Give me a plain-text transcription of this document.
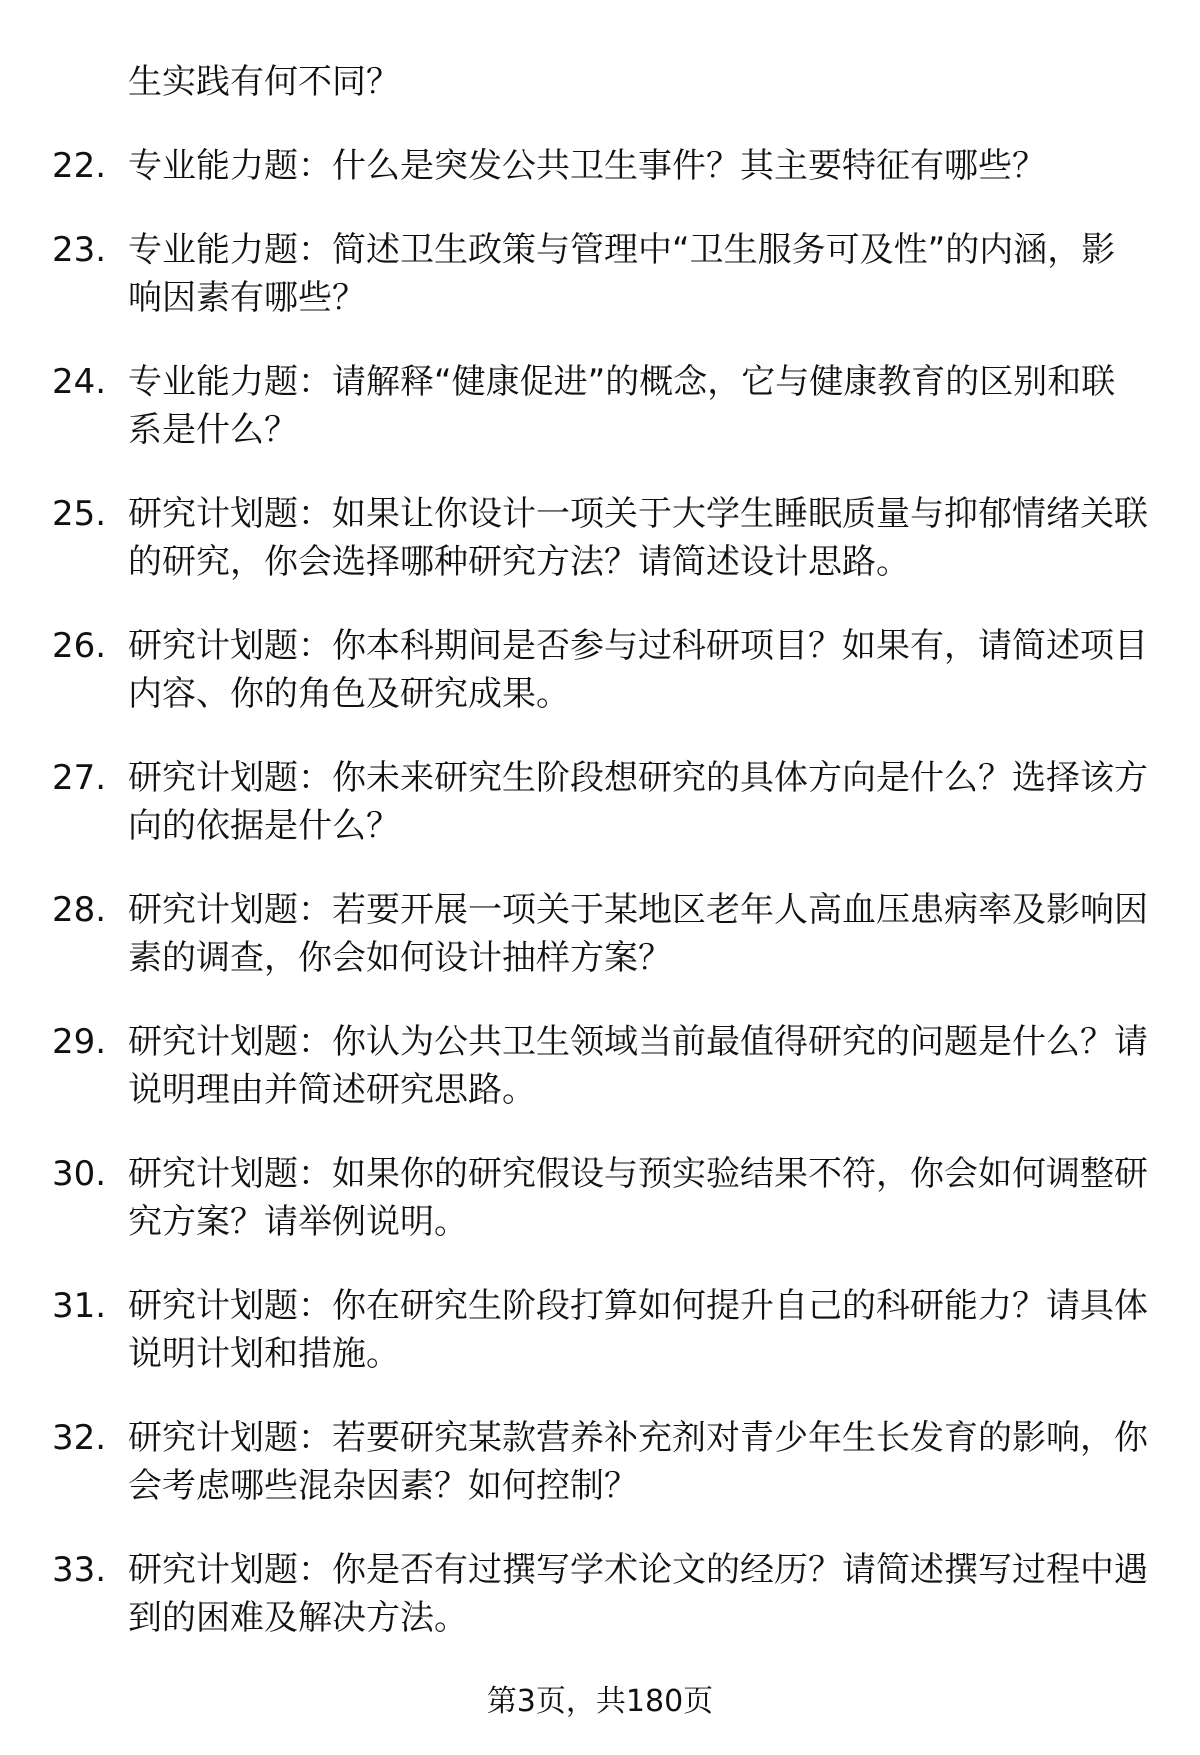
生实践有何不同？
22. 专业能力题：什么是突发公共卫生事件？其主要特征有哪些？
23. 专业能力题：简述卫生政策与管理中“卫生服务可及性”的内涵，影响因素有哪些？
24. 专业能力题：请解释“健康促进”的概念，它与健康教育的区别和联系是什么？
25. 研究计划题：如果让你设计一项关于大学生睡眠质量与抑郁情绪关联的研究，你会选择哪种研究方法？请简述设计思路。
26. 研究计划题：你本科期间是否参与过科研项目？如果有，请简述项目内容、你的角色及研究成果。
27. 研究计划题：你未来研究生阶段想研究的具体方向是什么？选择该方向的依据是什么？
28. 研究计划题：若要开展一项关于某地区老年人高血压患病率及影响因素的调查，你会如何设计抽样方案？
29. 研究计划题：你认为公共卫生领域当前最值得研究的问题是什么？请说明理由并简述研究思路。
30. 研究计划题：如果你的研究假设与预实验结果不符，你会如何调整研究方案？请举例说明。
31. 研究计划题：你在研究生阶段打算如何提升自己的科研能力？请具体说明计划和措施。
32. 研究计划题：若要研究某款营养补充剂对青少年生长发育的影响，你会考虑哪些混杂因素？如何控制？
33. 研究计划题：你是否有过撰写学术论文的经历？请简述撰写过程中遇到的困难及解决方法。
第3页，共180页
